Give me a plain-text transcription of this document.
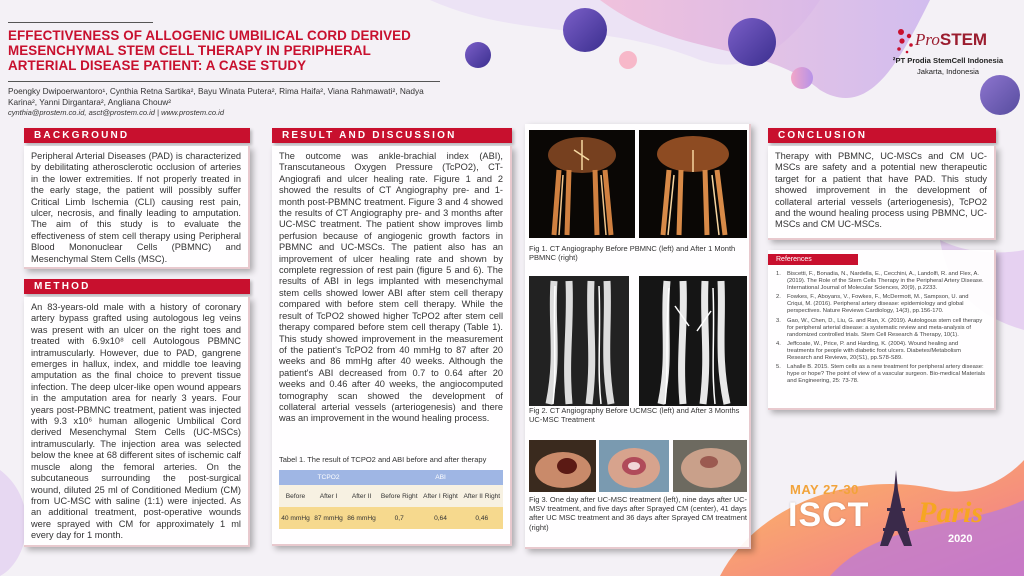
EFFECTIVENESS OF ALLOGENIC UMBILICAL CORD DERIVED MESENCHYMAL STEM CELL THERAPY IN PERIPHERAL ARTERIAL DISEASE PATIENT: A CASE STUDY
Poengky Dwipoerwantoro¹, Cynthia Retna Sartika², Bayu Winata Putera², Rima Haifa², Viana Rahmawati², Nadya Karina², Yanni Dirgantara², Angliana Chouw²
cynthia@prostem.co.id, asct@prostem.co.id | www.prostem.co.id
ProSTEM
²PT Prodia StemCell Indonesia
Jakarta, Indonesia
BACKGROUND
Peripheral Arterial Diseases (PAD) is characterized by debilitating atherosclerotic occlusion of arteries in the lower extremities. If not properly treated in the early stage, the patient will possibly suffer Critical Limb Ischemia (CLI) causing rest pain, ulcer, necrosis, and finally leading to amputation. The aim of this study is to evaluate the effectiveness of stem cell therapy using Peripheral Blood Mononuclear Cells (PBMNC) and Mesenchymal Stem Cells (MSC).
METHOD
An 83-years-old male with a history of coronary artery bypass grafted using autologous leg veins was present with an ulcer on the right toes and treated with 6.9x10⁸ cell Autologous PBMNC intramuscularly. However, due to PAD, gangrene emerges in hallux, index, and middle toe leaving amputation as the final choice to prevent tissue infection. The deep ulcer-like open wound appears in the amputation area for nearly 3 years. Four years post-PBMNC treatment, patient was injected with 9.3 x10⁶ human allogenic Umbilical Cord derived Mesenchymal Stem Cells (UC-MSCs) intramuscularly. The injection area was selected below the knee at 68 different sites of ischemic calf muscle along the femoral arteries. On the subcutaneous surrounding the post-surgical wound, diluted 25 ml of Conditioned Medium (CM) from UC-MSC with saline (1:1) were injected. As an additional treatment, post-operative wounds were sprayed with CM for approximately 1 ml every day for 1 month.
RESULT AND DISCUSSION
The outcome was ankle-brachial index (ABI), Transcutaneous Oxygen Pressure (TcPO2), CT-Angiografi and ulcer healing rate. Figure 1 and 2 showed the results of CT Angiography pre- and 1-month post-PBMNC treatment. Figure 3 and 4 showed the results of CT Angiography pre- and 3 months after UC-MSC treatment. The patient show improves limb perfusion because of angiogenic growth factors in PBMNC and UC-MSCs. The patient also has an improvement of ulcer healing rate and shown by complete regression of rest pain (figure 5 and 6). The results of ABI in legs implanted with mesenchymal stem cells showed lower ABI after stem cell therapy compared with before stem cell therapy. While the result of TcPO2 showed higher TcPO2 after stem cell therapy compared before stem cell therapy (Table 1). This study showed improvement in the measurement of the patient's TcPO2 from 40 mmHg to 87 after 20 weeks and 86 mmHg after 40 weeks. Although the patient's ABI decreased from 0.7 to 0.64 after 20 weeks and 0.46 after 40 weeks, the angiocomputed tomography scan showed the development of collateral arterial vessels (arteriogenesis) and there was an improvement in the wound healing process.
Tabel 1. The result of TCPO2 and ABI before and after therapy
TCPO2			ABI		
Before	After I	After II	Before Right	After I Right	After II Right
40 mmHg	87 mmHg	86 mmHg	0,7	0,64	0,46
Fig 1. CT Angiography Before PBMNC (left) and After 1 Month PBMNC (right)
Fig 2. CT Angiography Before UCMSC (left) and After 3 Months UC-MSC Treatment
Fig 3. One day after UC-MSC treatment (left), nine days after UC-MSV treatment, and five days after Sprayed CM (center), 41 days after UC MSC treatment and 36 days after Sprayed CM treatment (right)
CONCLUSION
Therapy with PBMNC, UC-MSCs and CM UC-MSCs are safety and a potential new therapeutic target for a patient that have PAD. This study showed improvement in the development of collateral arterial vessels (arteriogenesis), TcPO2 and the wound healing process using PBMNC, UC-MSCs and CM UC-MSCs.
References
1.	Biscetti, F., Bonadia, N., Nardella, E., Cecchini, A., Landolfi, R. and Flex, A. (2019). The Role of the Stem Cells Therapy in the Peripheral Artery Disease. International Journal of Molecular Sciences, 20(9), p.2233.
2.	Fowkes, F., Aboyans, V., Fowkes, F., McDermott, M., Sampson, U. and Criqui, M. (2016). Peripheral artery disease: epidemiology and global perspectives. Nature Reviews Cardiology, 14(3), pp.156-170.
3.	Gao, W., Chen, D., Liu, G. and Ran, X. (2019). Autologous stem cell therapy for peripheral arterial disease: a systematic review and meta-analysis of randomized controlled trials. Stem Cell Research & Therapy, 10(1).
4.	Jeffcoate, W., Price, P. and Harding, K. (2004). Wound healing and treatments for people with diabetic foot ulcers. Diabetes/Metabolism Research and Reviews, 20(S1), pp.S78-S89.
5.	Lahalle B. 2015. Stem cells as a new treatment for peripheral artery disease: hype or hope? The point of view of a vascular surgeon. Bio-medical Materials and Engineering, 25: 73-78.
MAY 27-30
ISCT Paris
2020
